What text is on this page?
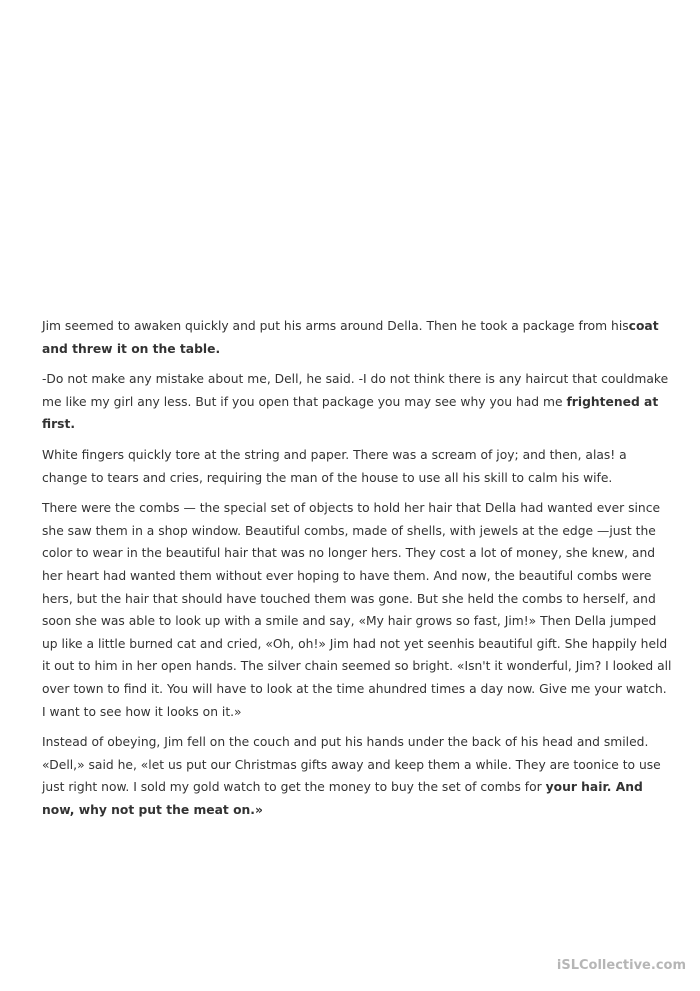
Jim seemed to awaken quickly and put his arms around Della. Then he took a package from hiscoat and threw it on the table.

-Do not make any mistake about me, Dell, he said. -I do not think there is any haircut that couldmake me like my girl any less. But if you open that package you may see why you had me frightened at first.

White fingers quickly tore at the string and paper. There was a scream of joy; and then, alas! a change to tears and cries, requiring the man of the house to use all his skill to calm his wife.

There were the combs — the special set of objects to hold her hair that Della had wanted ever since she saw them in a shop window. Beautiful combs, made of shells, with jewels at the edge —just the color to wear in the beautiful hair that was no longer hers. They cost a lot of money, she knew, and her heart had wanted them without ever hoping to have them. And now, the beautiful combs were hers, but the hair that should have touched them was gone. But she held the combs to herself, and soon she was able to look up with a smile and say, «My hair grows so fast, Jim!» Then Della jumped up like a little burned cat and cried, «Oh, oh!» Jim had not yet seenhis beautiful gift. She happily held it out to him in her open hands. The silver chain seemed so bright. «Isn't it wonderful, Jim? I looked all over town to find it. You will have to look at the time ahundred times a day now. Give me your watch. I want to see how it looks on it.»

Instead of obeying, Jim fell on the couch and put his hands under the back of his head and smiled. «Dell,» said he, «let us put our Christmas gifts away and keep them a while. They are toonice to use just right now. I sold my gold watch to get the money to buy the set of combs for your hair. And now, why not put the meat on.»

iSLCollective.com
